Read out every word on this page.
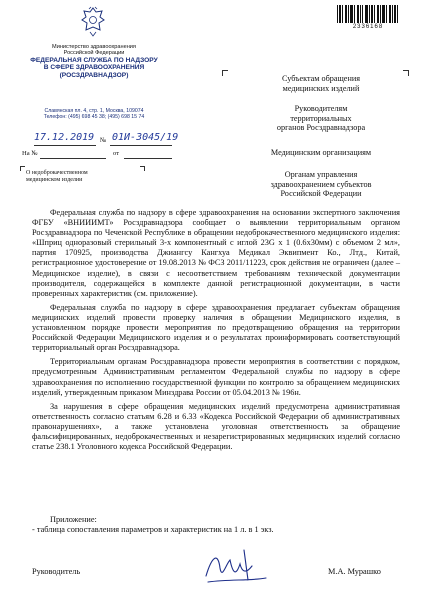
Министерство здравоохранения
Российской Федерации
ФЕДЕРАЛЬНАЯ СЛУЖБА ПО НАДЗОРУ
В СФЕРЕ ЗДРАВООХРАНЕНИЯ
(РОСЗДРАВНАДЗОР)
Славянская пл. 4, стр. 1, Москва, 109074
Телефон: (495) 698 45 38; (495) 698 15 74
2336168
17.12.2019 № 01И-3045/19
На №	от
О недоброкачественном
медицинском изделии
Субъектам обращения
медицинских изделий
Руководителям
территориальных
органов Росздравнадзора
Медицинским организациям
Органам управления
здравоохранением субъектов
Российской Федерации

Федеральная служба по надзору в сфере здравоохранения на основании экспертного заключения ФГБУ «ВНИИИМТ» Росздравнадзора сообщает о выявлении территориальным органом Росздравнадзора по Чеченской Республике в обращении недоброкачественного медицинского изделия: «Шприц одноразовый стерильный 3-х компонентный с иглой 23G x 1 (0.6x30мм) с объемом 2 мл», партия 170925, производства Джиангсу Кангхуа Медикал Эквипмент Ко., Лтд., Китай, регистрационное удостоверение от 19.08.2013 № ФСЗ 2011/11223, срок действия не ограничен (далее – Медицинское изделие), в связи с несоответствием требованиям технической документации производителя, содержащейся в комплекте данной регистрационной документации, в части проверенных характеристик (см. приложение).

Федеральная служба по надзору в сфере здравоохранения предлагает субъектам обращения медицинских изделий провести проверку наличия в обращении Медицинского изделия, в установленном порядке провести мероприятия по предотвращению обращения на территории Российской Федерации Медицинского изделия и о результатах проинформировать соответствующий территориальный орган Росздравнадзора.

Территориальным органам Росздравнадзора провести мероприятия в соответствии с порядком, предусмотренным Административным регламентом Федеральной службы по надзору в сфере здравоохранения по исполнению государственной функции по контролю за обращением медицинских изделий, утвержденным приказом Минздрава России от 05.04.2013 № 196н.

За нарушения в сфере обращения медицинских изделий предусмотрена административная ответственность согласно статьям 6.28 и 6.33 «Кодекса Российской Федерации об административных правонарушениях», а также установлена уголовная ответственность за обращение фальсифицированных, недоброкачественных и незарегистрированных медицинских изделий согласно статье 238.1 Уголовного кодекса Российской Федерации.

Приложение:
- таблица сопоставления параметров и характеристик на 1 л. в 1 экз.
Руководитель	М.А. Мурашко
